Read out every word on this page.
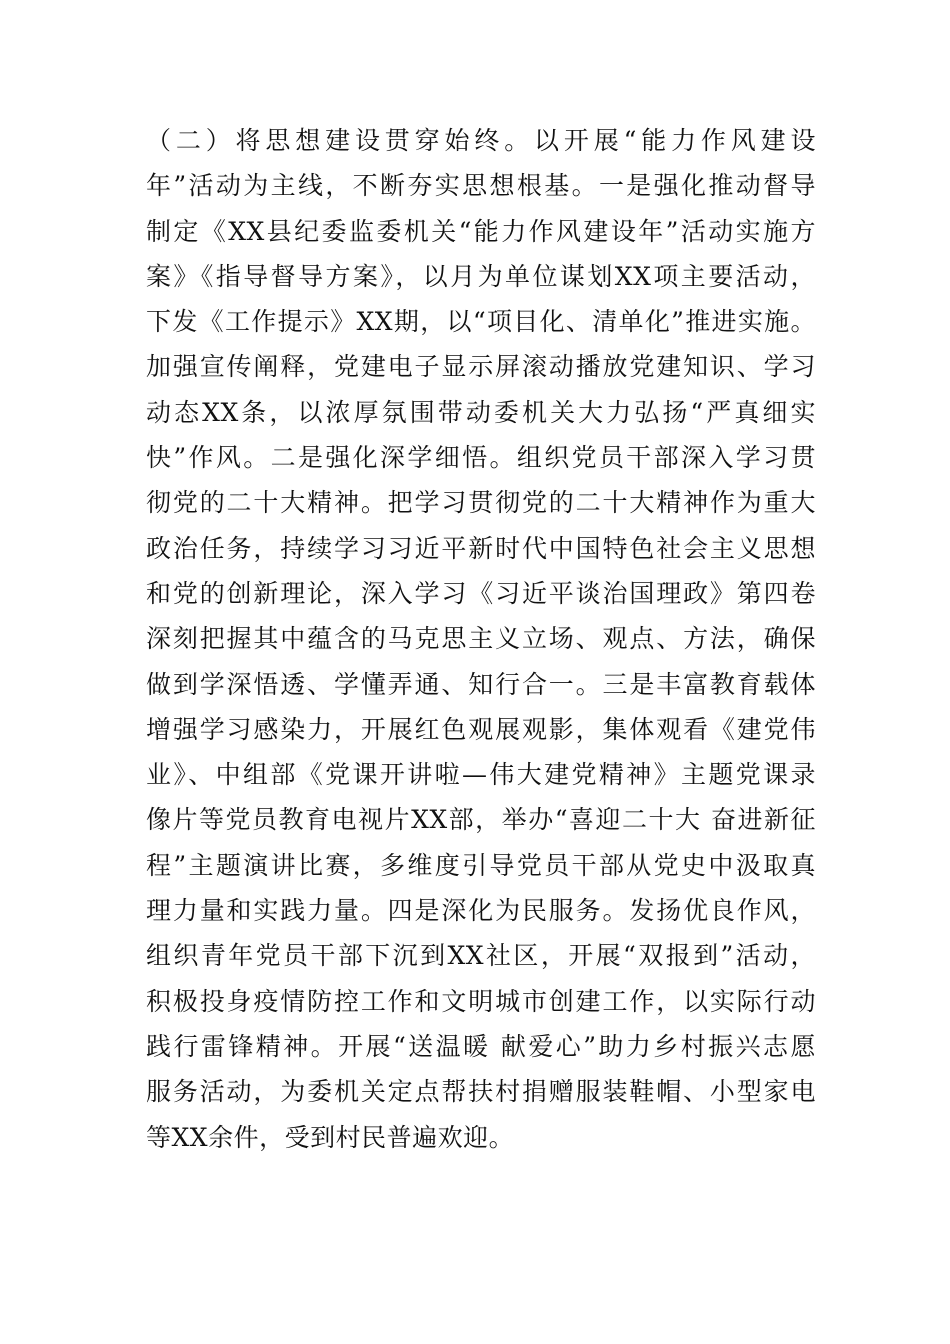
（二）将思想建设贯穿始终。以开展“能力作风建设
年”活动为主线，不断夯实思想根基。一是强化推动督导
制定《XX县纪委监委机关“能力作风建设年”活动实施方
案》《指导督导方案》，以月为单位谋划XX项主要活动，
下发《工作提示》XX期，以“项目化、清单化”推进实施。
加强宣传阐释，党建电子显示屏滚动播放党建知识、学习
动态XX条，以浓厚氛围带动委机关大力弘扬“严真细实
快”作风。二是强化深学细悟。组织党员干部深入学习贯
彻党的二十大精神。把学习贯彻党的二十大精神作为重大
政治任务，持续学习习近平新时代中国特色社会主义思想
和党的创新理论，深入学习《习近平谈治国理政》第四卷
深刻把握其中蕴含的马克思主义立场、观点、方法，确保
做到学深悟透、学懂弄通、知行合一。三是丰富教育载体
增强学习感染力，开展红色观展观影，集体观看《建党伟
业》、中组部《党课开讲啦—伟大建党精神》主题党课录
像片等党员教育电视片XX部，举办“喜迎二十大 奋进新征
程”主题演讲比赛，多维度引导党员干部从党史中汲取真
理力量和实践力量。四是深化为民服务。发扬优良作风，
组织青年党员干部下沉到XX社区，开展“双报到”活动，
积极投身疫情防控工作和文明城市创建工作，以实际行动
践行雷锋精神。开展“送温暖 献爱心”助力乡村振兴志愿
服务活动，为委机关定点帮扶村捐赠服装鞋帽、小型家电
等XX余件，受到村民普遍欢迎。
